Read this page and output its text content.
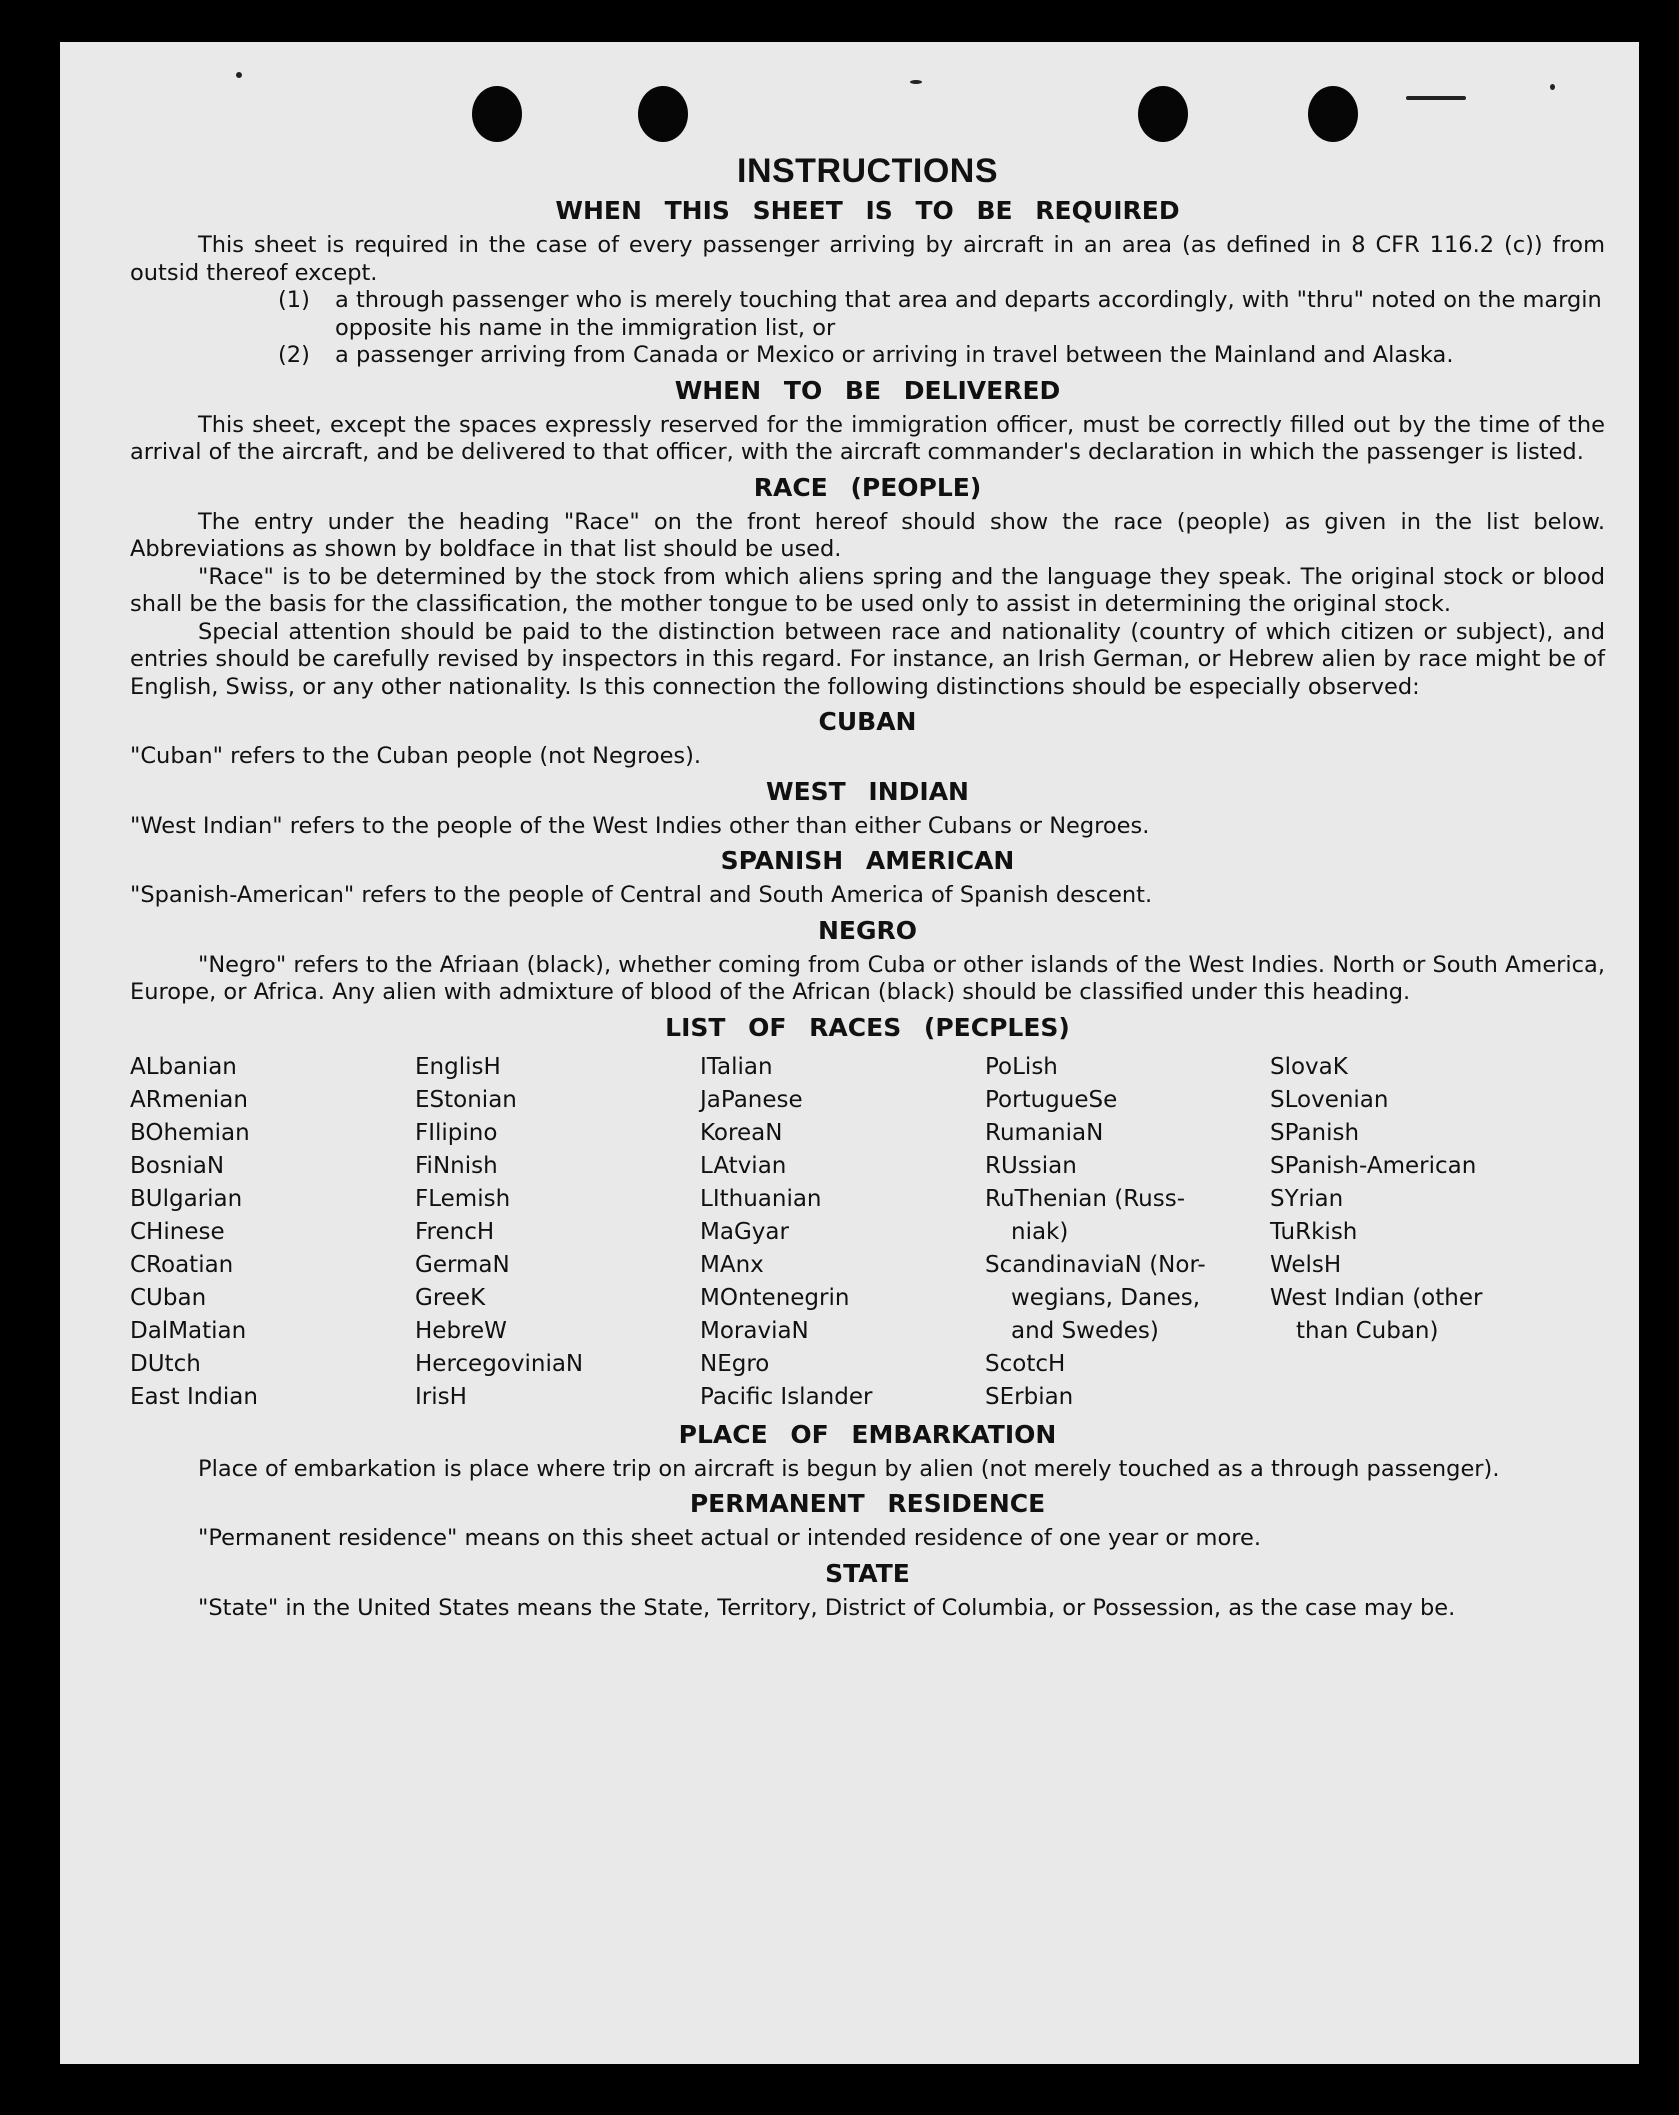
INSTRUCTIONS
WHEN THIS SHEET IS TO BE REQUIRED

This sheet is required in the case of every passenger arriving by aircraft in an area (as defined in 8 CFR 116.2 (c)) from outsid thereof except.

(1) a through passenger who is merely touching that area and departs accordingly, with "thru" noted on the margin opposite his name in the immigration list, or
(2) a passenger arriving from Canada or Mexico or arriving in travel between the Mainland and Alaska.
WHEN TO BE DELIVERED

This sheet, except the spaces expressly reserved for the immigration officer, must be correctly filled out by the time of the arrival of the aircraft, and be delivered to that officer, with the aircraft commander's declaration in which the passenger is listed.

RACE (PEOPLE)

The entry under the heading "Race" on the front hereof should show the race (people) as given in the list below. Abbreviations as shown by boldface in that list should be used.

"Race" is to be determined by the stock from which aliens spring and the language they speak. The original stock or blood shall be the basis for the classification, the mother tongue to be used only to assist in determining the original stock.

Special attention should be paid to the distinction between race and nationality (country of which citizen or subject), and entries should be carefully revised by inspectors in this regard. For instance, an Irish German, or Hebrew alien by race might be of English, Swiss, or any other nationality. Is this connection the following distinctions should be especially observed:

CUBAN

"Cuban" refers to the Cuban people (not Negroes).

WEST INDIAN

"West Indian" refers to the people of the West Indies other than either Cubans or Negroes.

SPANISH AMERICAN

"Spanish-American" refers to the people of Central and South America of Spanish descent.

NEGRO

"Negro" refers to the Afriaan (black), whether coming from Cuba or other islands of the West Indies. North or South America, Europe, or Africa. Any alien with admixture of blood of the African (black) should be classified under this heading.

LIST OF RACES (PECPLES)
ALbanian
ARmenian
BOhemian
BosniaN
BUlgarian
CHinese
CRoatian
CUban
DalMatian
DUtch
East Indian
EnglisH
EStonian
FIlipino
FiNnish
FLemish
FrencH
GermaN
GreeK
HebreW
HercegoviniaN
IrisH
ITalian
JaPanese
KoreaN
LAtvian
LIthuanian
MaGyar
MAnx
MOntenegrin
MoraviaN
NEgro
Pacific Islander
PoLish
PortugueSe
RumaniaN
RUssian
RuThenian (Russ-
niak)
ScandinaviaN (Nor-
wegians, Danes,
and Swedes)
ScotcH
SErbian
SlovaK
SLovenian
SPanish
SPanish-American
SYrian
TuRkish
WelsH
West Indian (other
than Cuban)
PLACE OF EMBARKATION

Place of embarkation is place where trip on aircraft is begun by alien (not merely touched as a through passenger).

PERMANENT RESIDENCE

"Permanent residence" means on this sheet actual or intended residence of one year or more.

STATE

"State" in the United States means the State, Territory, District of Columbia, or Possession, as the case may be.
